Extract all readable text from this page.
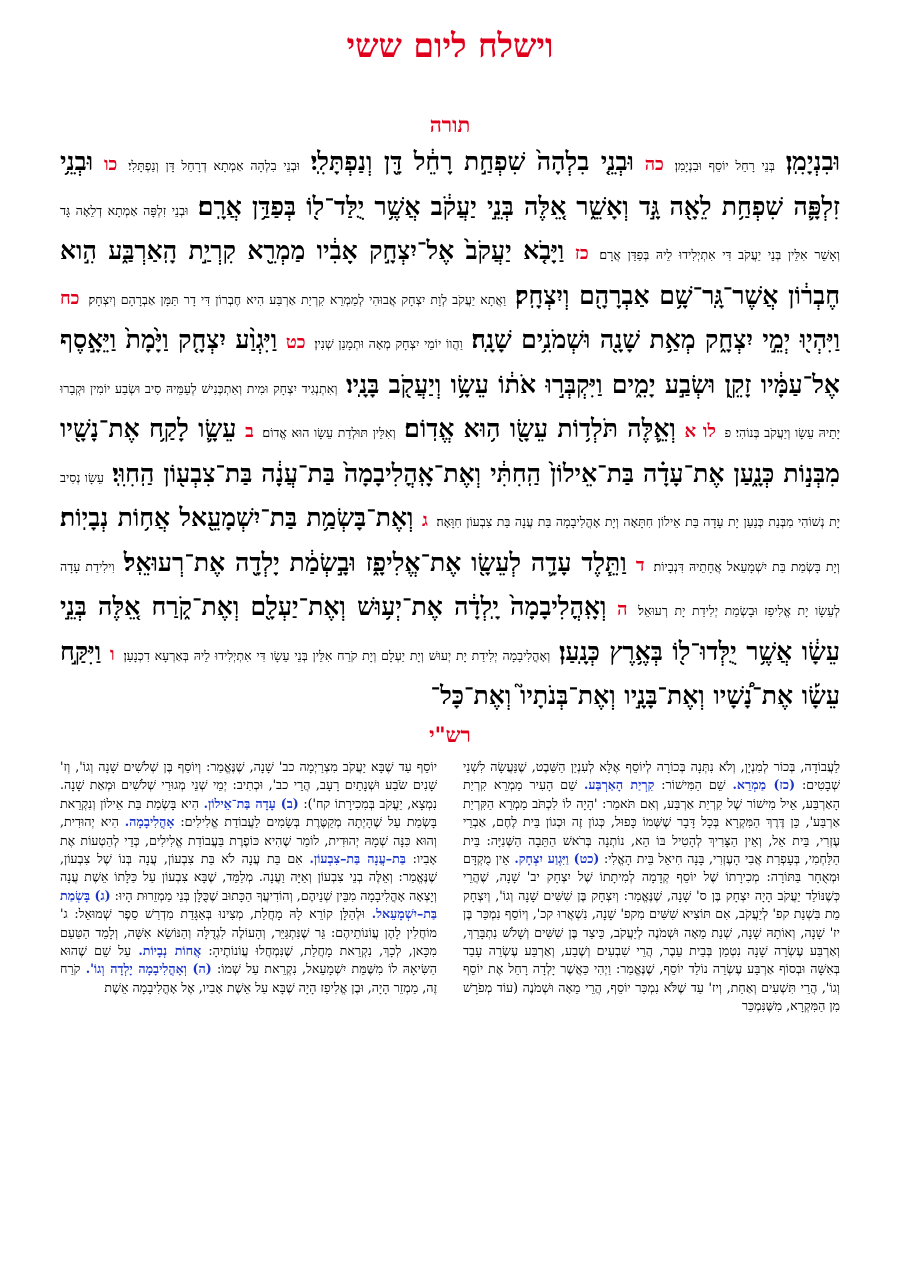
וישלח ליום ששי
תורה
וּבִנְיָמִֽן׃ בְּנֵי רָחֵל יוֹסֵף וּבִנְיָמִן׃ כה וּבְנֵ֤י בִלְהָה֙ שִׁפְחַ֣ת רָחֵ֔ל דָּ֖ן וְנַפְתָּלִֽי׃ וּבְנֵי בִלְהָה אַמְתָא דְרָחֵל דָּן וְנַפְתָּלִי׃ כו וּבְנֵ֥י זִלְפָּ֛ה שִׁפְחַ֥ת לֵאָ֖ה גָּ֣ד וְאָשֵׁ֑ר אֵ֚לֶּה בְּנֵ֣י יַעֲקֹ֔ב אֲשֶׁ֥ר יֻלַּד־ל֖וֹ בְּפַדַּ֥ן אֲרָֽם׃ וּבְנֵי זִלְפָּה אַמְתָא דְלֵאָה גָּד וְאָשֵׁר אִלֵּין בְּנֵי יַעֲקֹב דִּי אִתְיְלִידוּ לֵיהּ בְּפַדַּן אֲרָם׃ כז וַיָּבֹ֤א יַעֲקֹב֙ אֶל־יִצְחָ֣ק אָבִ֔יו מַמְרֵ֖א קִרְיַ֣ת הָֽאַרְבַּ֑ע הִ֣וא חֶבְר֔וֹן אֲשֶׁר־גָּֽר־שָׁ֥ם אַבְרָהָ֖ם וְיִצְחָֽק׃ וַאֲתָא יַעֲקֹב לְוָת יִצְחָק אֲבוּהִי לְמַמְרֵא קִרְיַת אַרְבַּע הִיא חֶבְרוֹן דִּי דָר תַּמָּן אַבְרָהָם וְיִצְחָק׃ כח וַיִּהְי֖וּ יְמֵ֣י יִצְחָ֑ק מְאַ֥ת שָׁנָ֖ה וּשְׁמֹנִ֥ים שָׁנָֽה׃ וַהֲווֹ יוֹמֵי יִצְחָק מְאָה וּתְמָנַן שְׁנִין׃ כט וַיִּגְוַ֨ע יִצְחָ֤ק וַיָּ֙מָת֙ וַיֵּאָ֣סֶף אֶל־עַמָּ֔יו זָקֵ֖ן וּשְׂבַ֣ע יָמִ֑ים וַיִּקְבְּר֣וּ אֹת֔וֹ עֵשָׂ֥ו וְיַעֲקֹ֖ב בָּנָֽיו׃ וְאִתְנְגִיד יִצְחָק וּמִית וְאִתְכְּנִישׁ לְעַמֵּיהּ סִיב וּשְׂבַע יוֹמִין וּקְבַרוּ יָתֵיהּ עֵשָׂו וְיַעֲקֹב בְּנוֹהִי׃ פ לו א וְאֵ֛לֶּה תֹּלְד֥וֹת עֵשָׂ֖ו ה֥וּא אֱדֽוֹם׃ וְאִלֵּין תּוּלְדַת עֵשָׂו הוּא אֱדוֹם׃ ב עֵשָׂ֛ו לָקַ֥ח אֶת־נָשָׁ֖יו מִבְּנ֣וֹת כְּנָ֑עַן אֶת־עָדָ֗ה בַּת־אֵילוֹן֙ הַֽחִתִּ֔י וְאֶת־אָֽהֳלִיבָמָה֙ בַּת־עֲנָ֔ה בַּת־צִבְע֖וֹן הַֽחִוִּֽי׃ עֵשָׂו נְסִיב יָת נְשׁוֹהִי מִבְּנַת כְּנַעַן יָת עָדָה בַּת אֵילוֹן חִתָּאָה וְיָת אָהֳלִיבָמָה בַּת עֲנָה בַּת צִבְעוֹן חִוָּאָה׃ ג וְאֶת־בָּשְׂמַ֥ת בַּת־יִשְׁמָעֵ֖אל אֲח֥וֹת נְבָיֽוֹת׃ וְיָת בָּשְׂמַת בַּת יִשְׁמָעֵאל אֲחָתֵיהּ דִּנְבָיוֹת׃ ד וַתֵּ֧לֶד עָדָ֛ה לְעֵשָׂ֖ו אֶת־אֱלִיפָ֑ז וּבָ֣שְׂמַ֔ת יָלְדָ֖ה אֶת־רְעוּאֵֽל׃ וִילִידַת עָדָה לְעֵשָׂו יָת אֱלִיפַז וּבָשְׂמַת יְלִידַת יָת רְעוּאֵל׃ ה וְאָֽהֳלִיבָמָה֙ יָֽלְדָ֔ה אֶת־יְע֥וּשׁ וְאֶת־יַעְלָ֖ם וְאֶת־קֹ֑רַח אֵ֚לֶּה בְּנֵ֣י עֵשָׂ֔ו אֲשֶׁ֥ר יֻלְּדוּ־ל֖וֹ בְּאֶ֥רֶץ כְּנָֽעַן׃ וְאָהֳלִיבָמָה יְלִידַת יָת יְעוּשׁ וְיָת יַעְלָם וְיָת קֹרַח אִלֵּין בְּנֵי עֵשָׂו דִּי אִתְיְלִידוּ לֵיהּ בְּאַרְעָא דִכְנָעַן׃ ו וַיִּקַּ֣ח עֵשָׂ֡ו אֶת־נָ֠שָׁיו וְאֶת־בָּנָ֣יו וְאֶת־בְּנֹתָיו֮ וְאֶת־כָּל־
רש"י
לַעֲבוֹדָה, בְּכוֹר לְמִנְיָן, וְלֹא נִתְּנָה בְּכוֹרָה לְיוֹסֵף אֶלָּא לְעִנְיַן הַשֵּׁבֶט, שֶׁנַּעֲשָׂה לִשְׁנֵי שְׁבָטִים: (כז) מַמְרֵא. שֵׁם הַמִּישׁוֹר: קִרְיַת הָאַרְבַּע. שֵׁם הָעִיר מַמְרֵא קִרְיַת הָאַרְבַּע, אֵיל מִישׁוֹר שֶׁל קִרְיַת אַרְבַּע, וְאִם תֹּאמַר: 'הָיָה לוֹ לִכְתֹּב מַמְרֵא הַקִּרְיַת אַרְבַּע', כֵּן דֶּרֶךְ הַמִּקְרָא בְּכָל דָּבָר שֶׁשְּׁמוֹ כָּפוּל, כְּגוֹן זֶה וּכְגוֹן בֵּית לֶחֶם, אַבְרֵי עֶזְרִי, בֵּית אֵל, וְאֵין הַצָּרִיךְ לְהָטִיל בּוֹ הֵא, נוֹתְנָה בְּרֹאשׁ הַתֵּבָה הַשְּׁנִיָּה: בֵּית הַלַּחְמִי, בְּעָפְרַת אֲבִי הָעֶזְרִי, בָּנָה חִיאֵל בֵּית הָאֱלִי: (כט) וַיִּגְוַע יִצְחָק. אֵין מֻקְדָּם וּמְאֻחָר בַּתּוֹרָה: מְכִירָתוֹ שֶׁל יוֹסֵף קְדָמָה לְמִיתָתוֹ שֶׁל יִצְחָק יב' שָׁנָה, שֶׁהֲרֵי כְּשֶׁנּוֹלַד יַעֲקֹב הָיָה יִצְחָק בֶּן ס' שָׁנָה, שֶׁנֶּאֱמַר: וְיִצְחָק בֶּן שִׁשִּׁים שָׁנָה וְגוֹ', וְיִצְחָק מֵת בִּשְׁנַת קפ' לְיַעֲקֹב, אִם תּוֹצִיא שִׁשִּׁים מִקפ' שָׁנָה, נִשְׁאֲרוּ קכ', וְיוֹסֵף נִמְכַּר בֶּן יז' שָׁנָה, וְאוֹתָהּ שָׁנָה, שְׁנַת מֵאָה וּשְׁמֹנֶה לְיַעֲקֹב, כֵּיצַד בֶּן שִׁשִּׁים וְשָׁלֹשׁ נִתְבָּרֵךְ, וְאַרְבַּע עֶשְׂרֵה שָׁנָה נִטְמַן בְּבֵית עֵבֶר, הֲרֵי שִׁבְעִים וְשֶׁבַע, וְאַרְבַּע עֶשְׂרֵה עָבַד בְּאִשָּׁה וּבְסוֹף אַרְבַּע עֶשְׂרֵה נוֹלַד יוֹסֵף, שֶׁנֶּאֱמַר: וַיְהִי כַּאֲשֶׁר יָלְדָה רָחֵל אֶת יוֹסֵף וְגוֹ', הֲרֵי תִּשְׁעִים וְאַחַת, וְיז' עַד שֶׁלֹּא נִמְכַּר יוֹסֵף, הֲרֵי מֵאָה וּשְׁמֹנֶה (עוֹד מְפֹרָשׁ מִן הַמִּקְרָא, מִשֶּׁנִּמְכַּר
יוֹסֵף עַד שֶׁבָּא יַעֲקֹב מִצְרַיְמָה כב' שָׁנָה, שֶׁנֶּאֱמַר: וְיוֹסֵף בֶּן שְׁלֹשִׁים שָׁנָה וְגוֹ', וְז' שָׁנִים שֹׂבַע וּשְׁנָתַיִם רָעָב, הֲרֵי כב', וּכְתִיב: יְמֵי שְׁנֵי מְגוּרַי שְׁלֹשִׁים וּמְאַת שָׁנָה. נִמְצָא, יַעֲקֹב בְּמִכִירָתוֹ קח'): (ב) עָדָה בַּת־אֵילוֹן. הִיא בָּשְׂמַת בַּת אֵילוֹן וְנִקְרֵאת בָּשְׂמַת עַל שֶׁהָיְתָה מְקַטֶּרֶת בְּשָׂמִים לַעֲבוֹדַת אֱלִילִים: אָהֳלִיבָמָה. הִיא יְהוּדִית, וְהוּא כִּנָּה שְׁמָהּ יְהוּדִית, לוֹמַר שֶׁהִיא כּוֹפֶרֶת בַּעֲבוֹדַת אֱלִילִים, כְּדֵי לְהַטְעוֹת אֶת אָבִיו: בַּת–עֲנָה בַּת–צִבְעוֹן. אִם בַּת עֲנָה לֹא בַּת צִבְעוֹן, עֲנָה בְּנוֹ שֶׁל צִבְעוֹן, שֶׁנֶּאֱמַר: וְאֵלֶּה בְנֵי צִבְעוֹן וְאַיָּה וַעֲנָה. מְלַמֵּד, שֶׁבָּא צִבְעוֹן עַל כַּלָּתוֹ אֵשֶׁת עֲנָה וְיָצְאָה אָהֳלִיבָמָה מִבֵּין שְׁנֵיהֶם, וְהוֹדִיעֲךָ הַכָּתוּב שֶׁכֻּלָּן בְּנֵי מַמְזֵרוּת הָיוּ: (ג) בָּשְׂמַת בַּת–יִשְׁמָעֵאל. וּלְהַלָּן קוֹרֵא לָהּ מָחֲלַת, מְצִינוּ בְּאַגָּדַת מִדְרַשׁ סֵפֶר שְׁמוּאֵל: ג' מוֹחֲלִין לָהֶן עֲוֹנוֹתֵיהֶם: גֵּר שֶׁנִּתְגַּיֵּר, וְהָעוֹלֶה לִגְדֻלָּה וְהַנּוֹשֵׂא אִשָּׁה, וְלָמֵד הַטַּעַם מִכָּאן, לְכָךְ, נִקְרֵאת מָחֲלַת, שֶׁנִּמְחֲלוּ עֲוֹנוֹתֶיהָ: אֲחוֹת נְבָיוֹת. עַל שֵׁם שֶׁהוּא הַשִּׂיאָהּ לוֹ מִשֶּׁמֵּת יִשְׁמָעֵאל, נִקְרֵאת עַל שְׁמוֹ: (ה) וְאָהֳלִיבָמָה יָלְדָה וְגוֹ'. קֹרַח זֶה, מַמְזֵר הָיָה, וּבֶן אֱלִיפַז הָיָה שֶׁבָּא עַל אֵשֶׁת אָבִיו, אֶל אָהֳלִיבָמָה אֵשֶׁת
